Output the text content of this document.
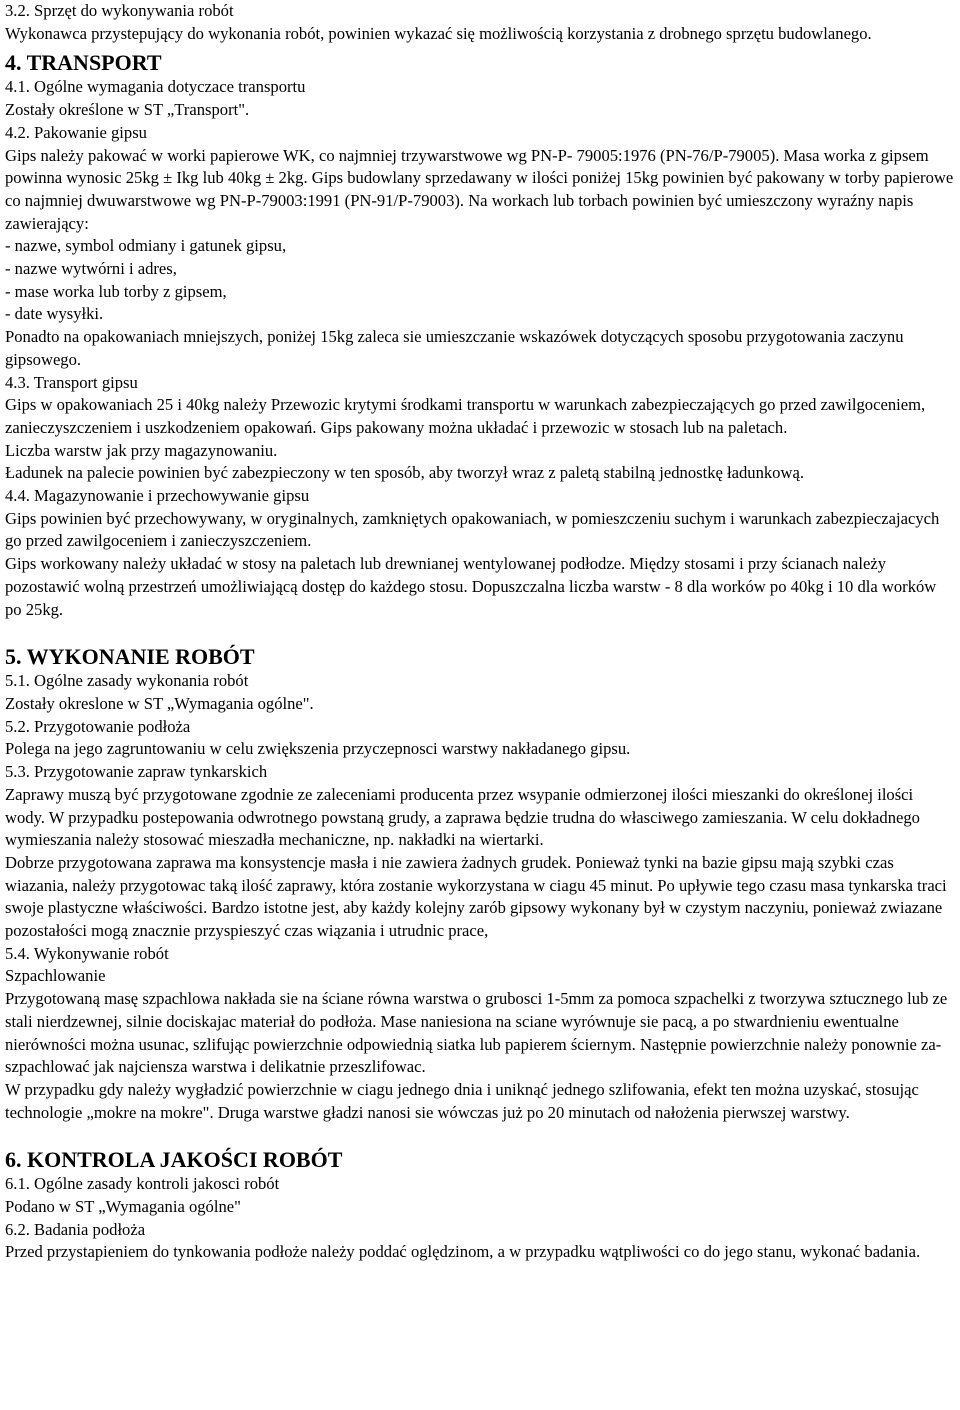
3.2. Sprzęt do wykonywania robót

Wykonawca przystepujący do wykonania robót, powinien wykazać się możliwością korzystania z drobnego sprzętu budowlanego.

4. TRANSPORT

4.1. Ogólne wymagania dotyczace transportu

Zostały określone w ST „Transport".

4.2. Pakowanie gipsu

Gips należy pakować w worki papierowe WK, co najmniej trzywarstwowe wg PN-P- 79005:1976 (PN-76/P-79005). Masa worka z gipsem powinna wynosic 25kg ± Ikg lub 40kg ± 2kg. Gips budowlany sprzedawany w ilości poniżej 15kg powinien być pakowany w torby papierowe co najmniej dwuwarstwowe wg PN-P-79003:1991 (PN-91/P-79003). Na workach lub torbach powinien być umieszczony wyraźny napis zawierający:

- nazwe, symbol odmiany i gatunek gipsu,

- nazwe wytwórni i adres,

- mase worka lub torby z gipsem,

- date wysyłki.

Ponadto na opakowaniach mniejszych, poniżej 15kg zaleca sie umieszczanie wskazówek dotyczących sposobu przygotowania zaczynu gipsowego.

4.3. Transport gipsu

Gips w opakowaniach 25 i 40kg należy Przewozic krytymi środkami transportu w warunkach zabezpieczających go przed zawilgoceniem, zanieczyszczeniem i uszkodzeniem opakowań. Gips pakowany można układać i przewozic w stosach lub na paletach.

Liczba warstw jak przy magazynowaniu.

Ładunek na palecie powinien być zabezpieczony w ten sposób, aby tworzył wraz z paletą stabilną jednostkę ładunkową.

4.4. Magazynowanie i przechowywanie gipsu

Gips powinien być przechowywany, w oryginalnych, zamkniętych opakowaniach, w pomieszczeniu suchym i warunkach zabezpieczajacych go przed zawilgoceniem i zanieczyszczeniem.

Gips workowany należy układać w stosy na paletach lub drewnianej wentylowanej podłodze. Między stosami i przy ścianach należy pozostawić wolną przestrzeń umożliwiającą dostęp do każdego stosu. Dopuszczalna liczba warstw - 8 dla worków po 40kg i 10 dla worków po 25kg.

5. WYKONANIE ROBÓT

5.1. Ogólne zasady wykonania robót

Zostały okreslone w ST „Wymagania ogólne".

5.2. Przygotowanie podłoża

Polega na jego zagruntowaniu w celu zwiększenia przyczepnosci warstwy nakładanego gipsu.

5.3. Przygotowanie zapraw tynkarskich

Zaprawy muszą być przygotowane zgodnie ze zaleceniami producenta przez wsypanie odmierzonej ilości mieszanki do określonej ilości wody. W przypadku postepowania odwrotnego powstaną grudy, a zaprawa będzie trudna do własciwego zamieszania. W celu dokładnego wymieszania należy stosować mieszadła mechaniczne, np. nakładki na wiertarki.

Dobrze przygotowana zaprawa ma konsystencje masła i nie zawiera żadnych grudek. Ponieważ tynki na bazie gipsu mają szybki czas wiazania, należy przygotowac taką ilość zaprawy, która zostanie wykorzystana w ciagu 45 minut. Po upływie tego czasu masa tynkarska traci swoje plastyczne właściwości. Bardzo istotne jest, aby każdy kolejny zarób gipsowy wykonany był w czystym naczyniu, ponieważ zwiazane pozostałości mogą znacznie przyspieszyć czas wiązania i utrudnic prace,

5.4. Wykonywanie robót

Szpachlowanie

Przygotowaną masę szpachlowa nakłada sie na ściane równa warstwa o grubosci 1-5mm za pomoca szpachelki z tworzywa sztucznego lub ze stali nierdzewnej, silnie dociskajac materiał do podłoża. Mase naniesiona na sciane wyrównuje sie pacą, a po stwardnieniu ewentualne nierówności można usunac, szlifując powierzchnie odpowiednią siatka lub papierem ściernym. Następnie powierzchnie należy ponownie za-szpachlować jak najciensza warstwa i delikatnie przeszlifowac.

W przypadku gdy należy wygładzić powierzchnie w ciagu jednego dnia i uniknąć jednego szlifowania, efekt ten można uzyskać, stosując technologie „mokre na mokre". Druga warstwe gładzi nanosi sie wówczas już po 20 minutach od nałożenia pierwszej warstwy.

6. KONTROLA JAKOŚCI ROBÓT

6.1. Ogólne zasady kontroli jakosci robót

Podano w ST „Wymagania ogólne"

6.2. Badania podłoża

Przed przystapieniem do tynkowania podłoże należy poddać oględzinom, a w przypadku wątpliwości co do jego stanu, wykonać badania.
